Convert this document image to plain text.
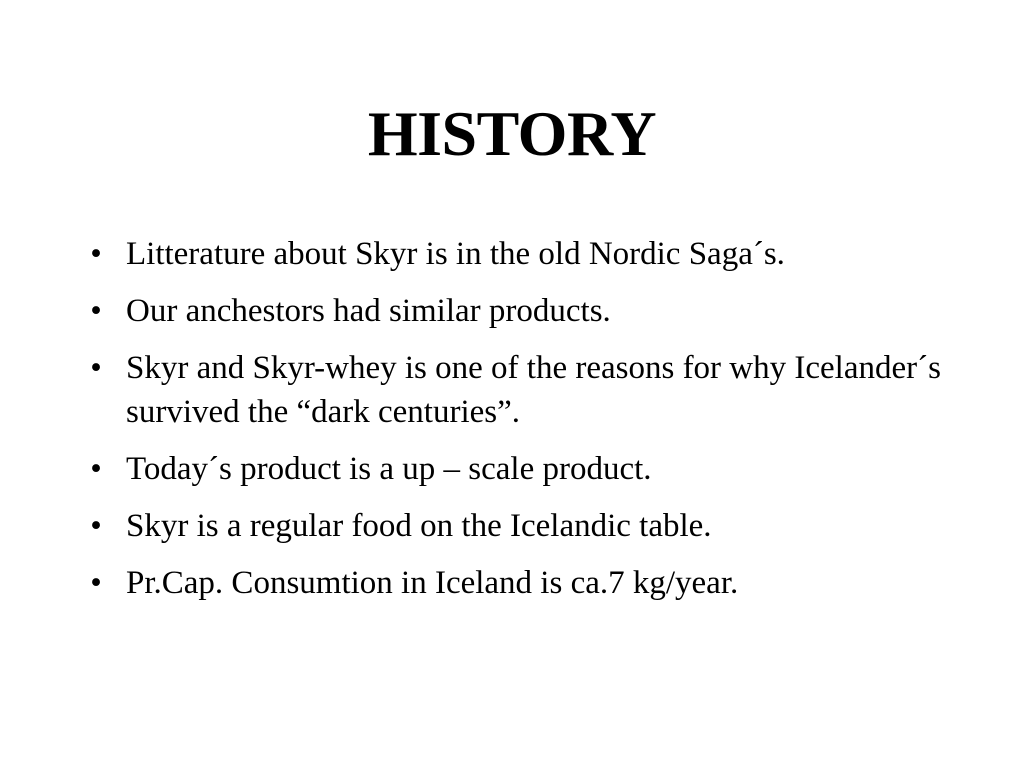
HISTORY
• Litterature about Skyr is in the old Nordic Saga´s.
• Our anchestors had similar products.
• Skyr and Skyr-whey is one of the reasons for why Icelander´s survived the “dark centuries”.
• Today´s product is a up – scale product.
• Skyr is a regular food on the Icelandic table.
• Pr.Cap. Consumtion in Iceland is ca.7 kg/year.
